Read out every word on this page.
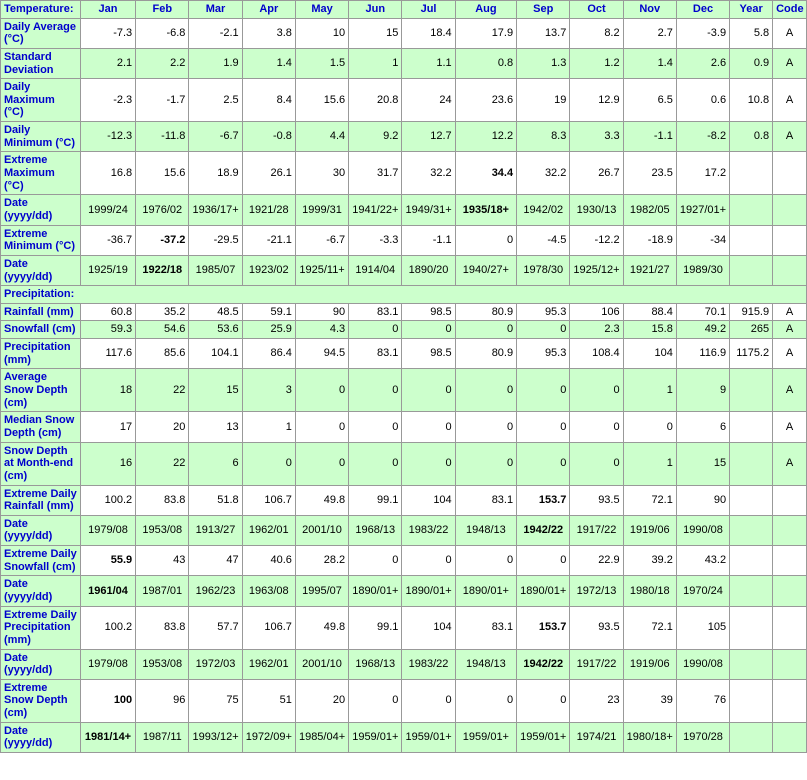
Temperature:	Jan	Feb	Mar	Apr	May	Jun	Jul	Aug	Sep	Oct	Nov	Dec	Year	Code
Daily Average (°C)	-7.3	-6.8	-2.1	3.8	10	15	18.4	17.9	13.7	8.2	2.7	-3.9	5.8	A
Standard Deviation	2.1	2.2	1.9	1.4	1.5	1	1.1	0.8	1.3	1.2	1.4	2.6	0.9	A
Daily Maximum (°C)	-2.3	-1.7	2.5	8.4	15.6	20.8	24	23.6	19	12.9	6.5	0.6	10.8	A
Daily Minimum (°C)	-12.3	-11.8	-6.7	-0.8	4.4	9.2	12.7	12.2	8.3	3.3	-1.1	-8.2	0.8	A
Extreme Maximum (°C)	16.8	15.6	18.9	26.1	30	31.7	32.2	34.4	32.2	26.7	23.5	17.2		
Date (yyyy/dd)	1999/24	1976/02	1936/17+	1921/28	1999/31	1941/22+	1949/31+	1935/18+	1942/02	1930/13	1982/05	1927/01+		
Extreme Minimum (°C)	-36.7	-37.2	-29.5	-21.1	-6.7	-3.3	-1.1	0	-4.5	-12.2	-18.9	-34		
Date (yyyy/dd)	1925/19	1922/18	1985/07	1923/02	1925/11+	1914/04	1890/20	1940/27+	1978/30	1925/12+	1921/27	1989/30		
Precipitation:														
Rainfall (mm)	60.8	35.2	48.5	59.1	90	83.1	98.5	80.9	95.3	106	88.4	70.1	915.9	A
Snowfall (cm)	59.3	54.6	53.6	25.9	4.3	0	0	0	0	2.3	15.8	49.2	265	A
Precipitation (mm)	117.6	85.6	104.1	86.4	94.5	83.1	98.5	80.9	95.3	108.4	104	116.9	1175.2	A
Average Snow Depth (cm)	18	22	15	3	0	0	0	0	0	0	1	9		A
Median Snow Depth (cm)	17	20	13	1	0	0	0	0	0	0	0	6		A
Snow Depth at Month-end (cm)	16	22	6	0	0	0	0	0	0	0	1	15		A
Extreme Daily Rainfall (mm)	100.2	83.8	51.8	106.7	49.8	99.1	104	83.1	153.7	93.5	72.1	90		
Date (yyyy/dd)	1979/08	1953/08	1913/27	1962/01	2001/10	1968/13	1983/22	1948/13	1942/22	1917/22	1919/06	1990/08		
Extreme Daily Snowfall (cm)	55.9	43	47	40.6	28.2	0	0	0	0	22.9	39.2	43.2		
Date (yyyy/dd)	1961/04	1987/01	1962/23	1963/08	1995/07	1890/01+	1890/01+	1890/01+	1890/01+	1972/13	1980/18	1970/24		
Extreme Daily Precipitation (mm)	100.2	83.8	57.7	106.7	49.8	99.1	104	83.1	153.7	93.5	72.1	105		
Date (yyyy/dd)	1979/08	1953/08	1972/03	1962/01	2001/10	1968/13	1983/22	1948/13	1942/22	1917/22	1919/06	1990/08		
Extreme Snow Depth (cm)	100	96	75	51	20	0	0	0	0	23	39	76		
Date (yyyy/dd)	1981/14+	1987/11	1993/12+	1972/09+	1985/04+	1959/01+	1959/01+	1959/01+	1959/01+	1974/21	1980/18+	1970/28		
